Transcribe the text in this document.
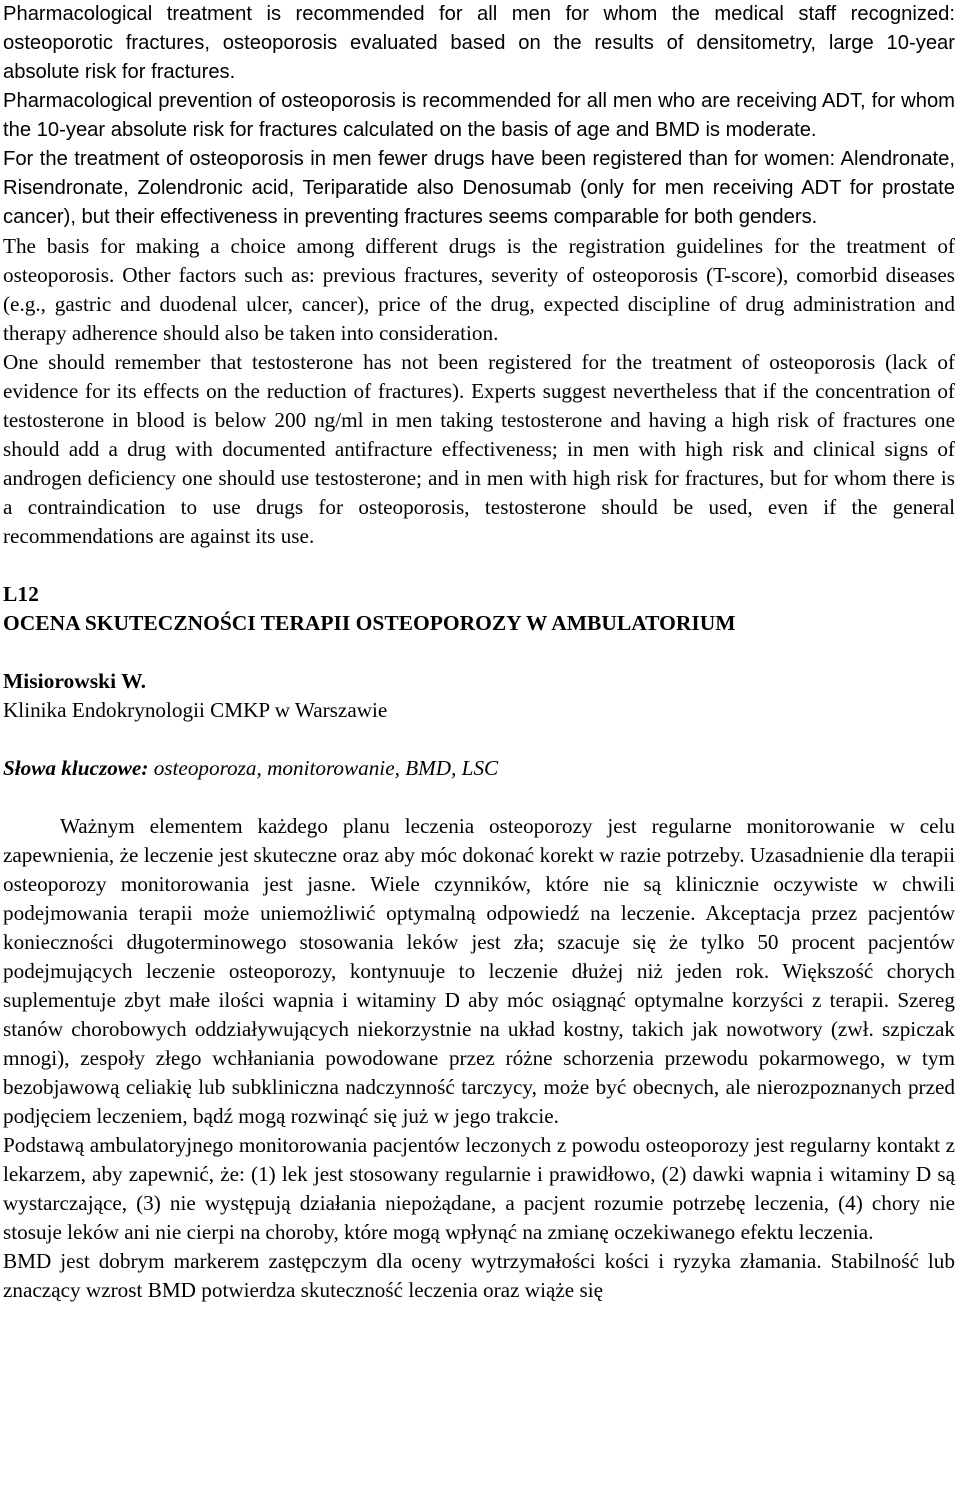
Pharmacological treatment is recommended for all men for whom the medical staff recognized: osteoporotic fractures, osteoporosis evaluated based on the results of densitometry, large 10-year absolute risk for fractures.

Pharmacological prevention of osteoporosis is recommended for all men who are receiving ADT, for whom the 10-year absolute risk for fractures calculated on the basis of age and BMD is moderate.

For the treatment of osteoporosis in men fewer drugs have been registered than for women: Alendronate, Risendronate, Zolendronic acid, Teriparatide also Denosumab (only for men receiving ADT for prostate cancer), but their effectiveness in preventing fractures seems comparable for both genders.

The basis for making a choice among different drugs is the registration guidelines for the treatment of osteoporosis. Other factors such as: previous fractures, severity of osteoporosis (T-score), comorbid diseases (e.g., gastric and duodenal ulcer, cancer), price of the drug, expected discipline of drug administration and therapy adherence should also be taken into consideration.

One should remember that testosterone has not been registered for the treatment of osteoporosis (lack of evidence for its effects on the reduction of fractures). Experts suggest nevertheless that if the concentration of testosterone in blood is below 200 ng/ml in men taking testosterone and having a high risk of fractures one should add a drug with documented antifracture effectiveness; in men with high risk and clinical signs of androgen deficiency one should use testosterone; and in men with high risk for fractures, but for whom there is a contraindication to use drugs for osteoporosis, testosterone should be used, even if the general recommendations are against its use.

L12

OCENA SKUTECZNOŚCI TERAPII OSTEOPOROZY W AMBULATORIUM

Misiorowski W.

Klinika Endokrynologii CMKP w Warszawie

Słowa kluczowe: osteoporoza, monitorowanie, BMD, LSC

Ważnym elementem każdego planu leczenia osteoporozy jest regularne monitorowanie w celu zapewnienia, że leczenie jest skuteczne oraz aby móc dokonać korekt w razie potrzeby. Uzasadnienie dla terapii osteoporozy monitorowania jest jasne. Wiele czynników, które nie są klinicznie oczywiste w chwili podejmowania terapii może uniemożliwić optymalną odpowiedź na leczenie. Akceptacja przez pacjentów konieczności długoterminowego stosowania leków jest zła; szacuje się że tylko 50 procent pacjentów podejmujących leczenie osteoporozy, kontynuuje to leczenie dłużej niż jeden rok. Większość chorych suplementuje zbyt małe ilości wapnia i witaminy D aby móc osiągnąć optymalne korzyści z terapii. Szereg stanów chorobowych oddziaływujących niekorzystnie na układ kostny, takich jak nowotwory (zwł. szpiczak mnogi), zespoły złego wchłaniania powodowane przez różne schorzenia przewodu pokarmowego, w tym bezobjawową celiakię lub subkliniczna nadczynność tarczycy, może być obecnych, ale nierozpoznanych przed podjęciem leczeniem, bądź mogą rozwinąć się już w jego trakcie.

Podstawą ambulatoryjnego monitorowania pacjentów leczonych z powodu osteoporozy jest regularny kontakt z lekarzem, aby zapewnić, że: (1) lek jest stosowany regularnie i prawidłowo, (2) dawki wapnia i witaminy D są wystarczające, (3) nie występują działania niepożądane, a pacjent rozumie potrzebę leczenia, (4) chory nie stosuje leków ani nie cierpi na choroby, które mogą wpłynąć na zmianę oczekiwanego efektu leczenia.

BMD jest dobrym markerem zastępczym dla oceny wytrzymałości kości i ryzyka złamania. Stabilność lub znaczący wzrost BMD potwierdza skuteczność leczenia oraz wiąże się
